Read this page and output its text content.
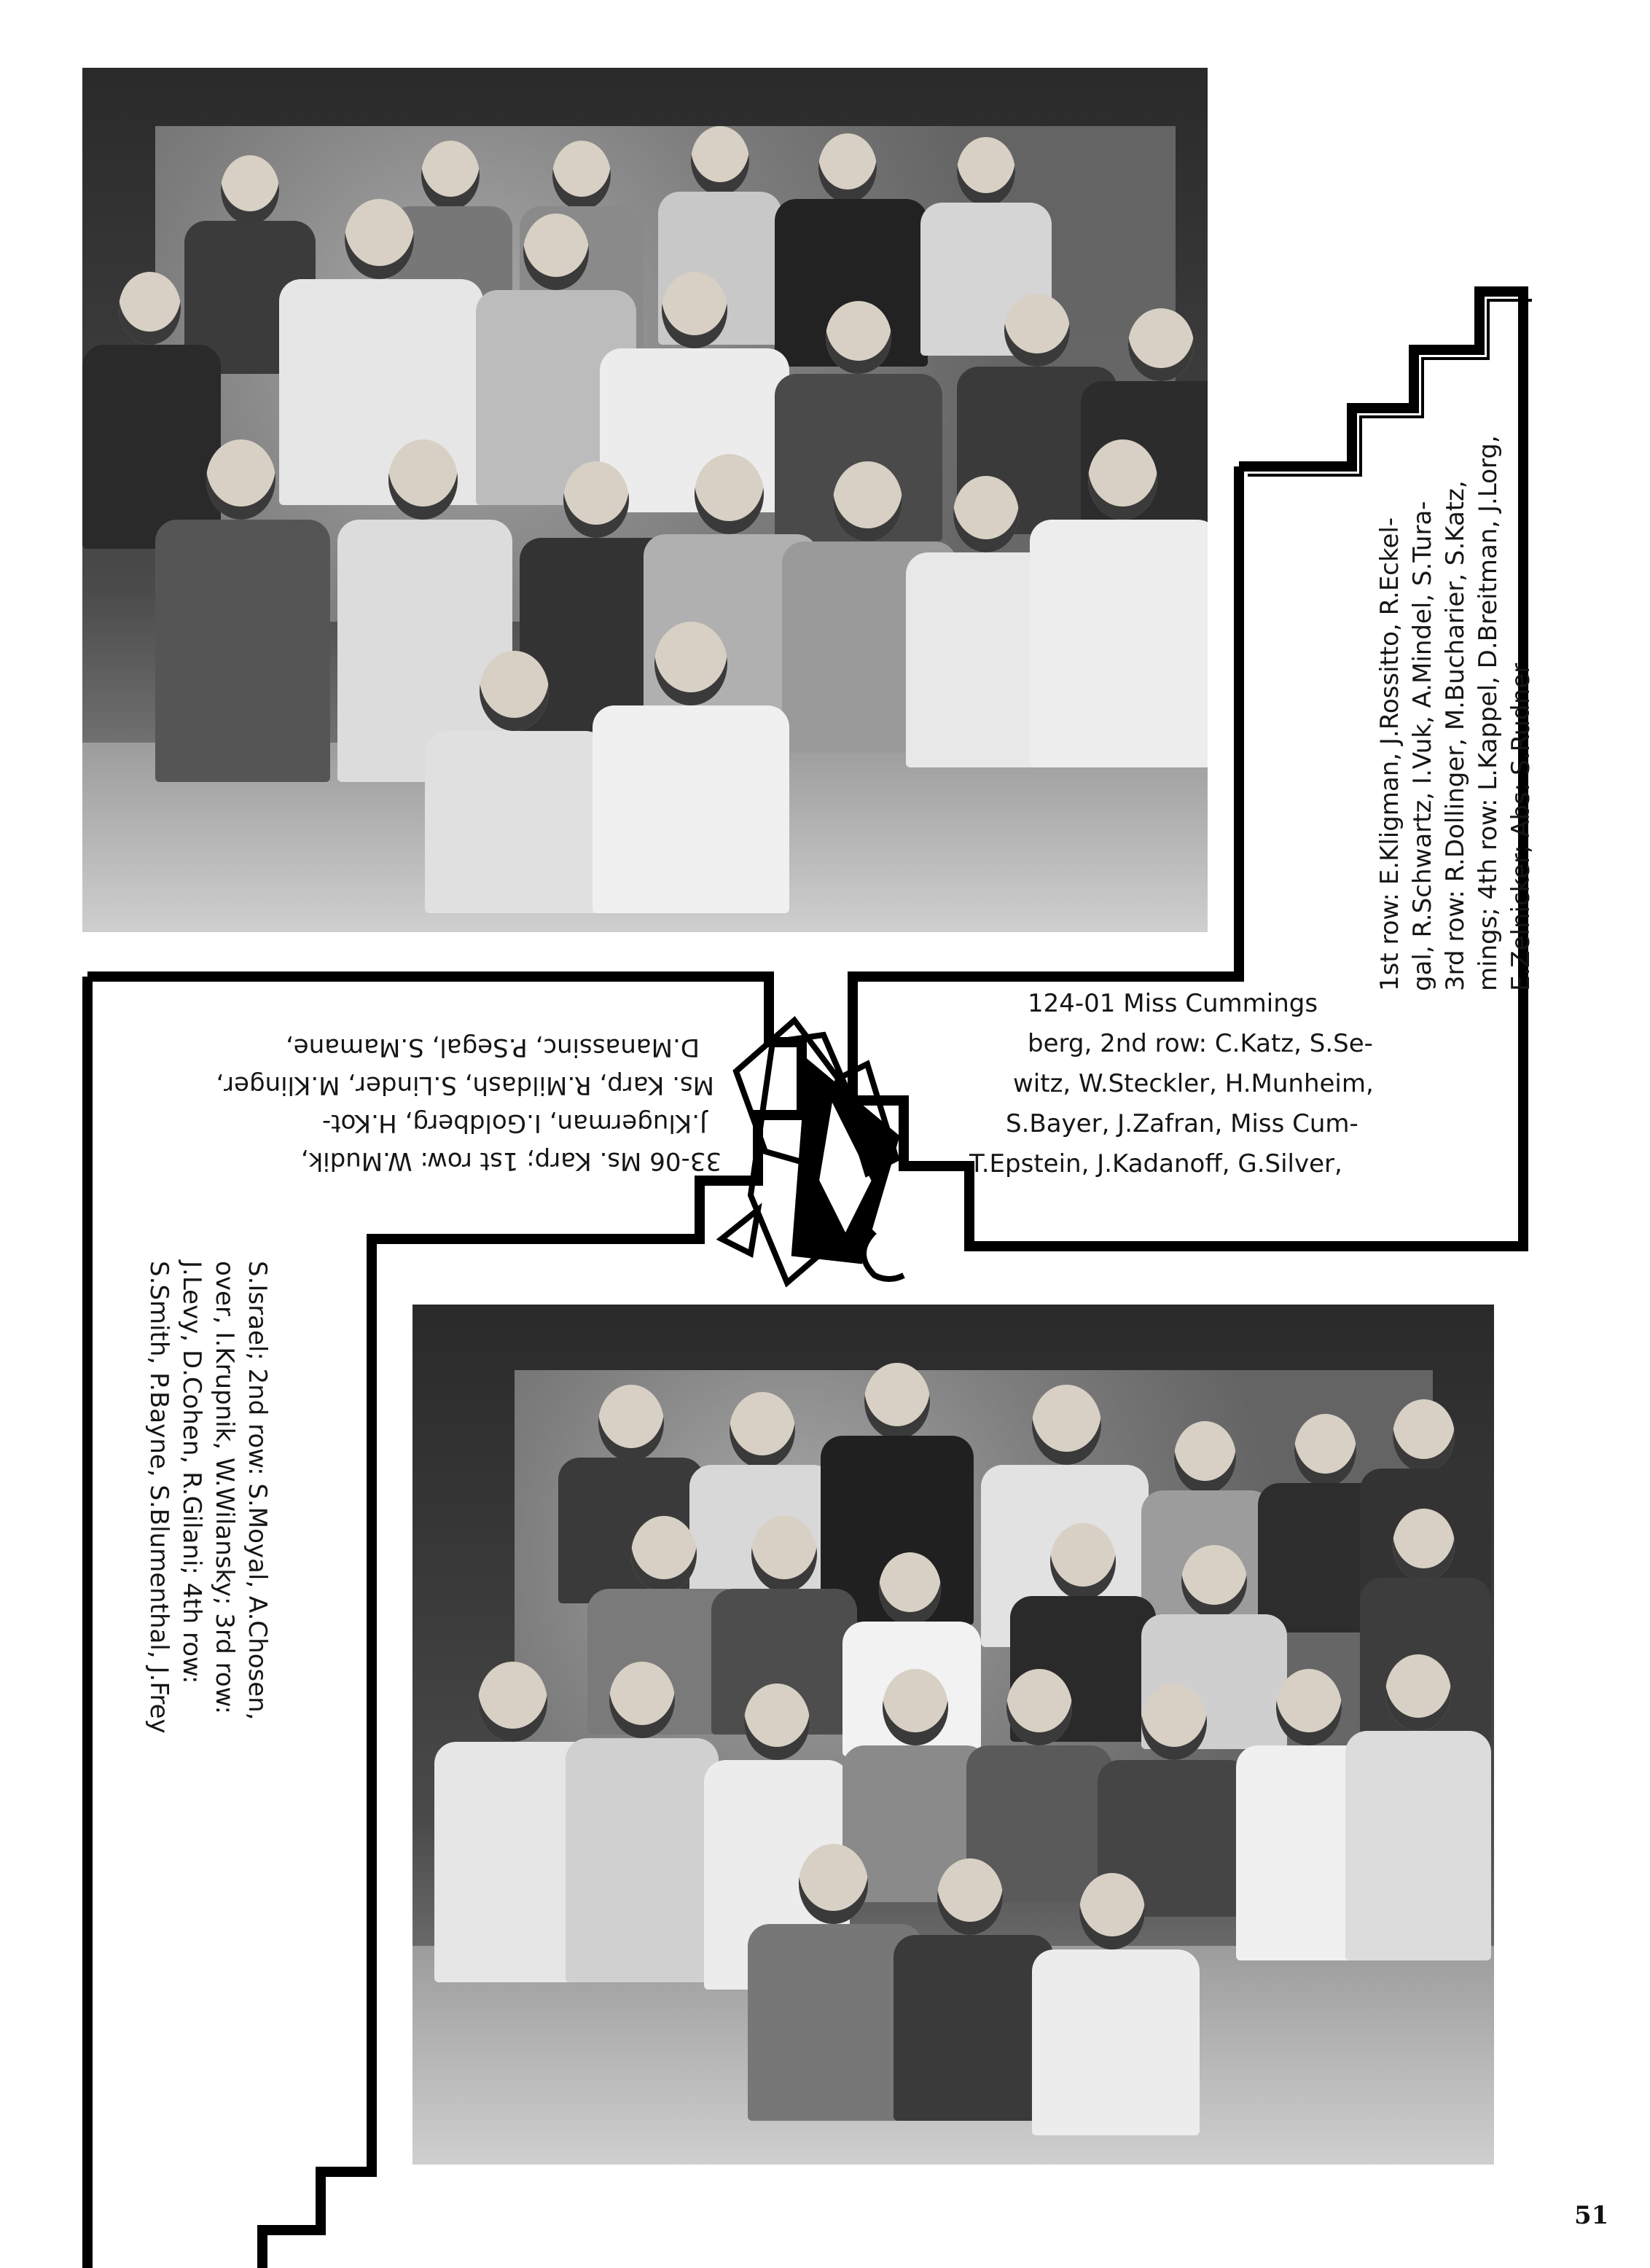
124-01 Miss Cummings
berg, 2nd row: C.Katz, S.Se-
witz, W.Steckler, H.Munheim,
S.Bayer, J.Zafran, Miss Cum-
T.Epstein, J.Kadanoff, G.Silver,
1st row: E.Kligman, J.Rossitto, R.Eckel- gal, R.Schwartz, I.Vuk, A.Mindel, S.Tura- 3rd row: R.Dollinger, M.Bucharier, S.Katz, mings; 4th row: L.Kappel, D.Breitman, J.Lorg, E.Zelnicker; Abs: S.Rudner
33-06 Ms. Karp; 1st row: W.Mudik,
J.Klugerman, I.Goldberg, H.Kot-
Ms. Karp, R.Mildash, S.Linder, M.Klinger,
D.Manassinc, P.Segal, S.Mamane,
S.Israel; 2nd row: S.Moyal, A.Chosen,
over, I.Krupnik, W.Wilansky; 3rd row:
J.Levy, D.Cohen, R.Gilani; 4th row:
S.Smith, P.Bayne, S.Blumenthal, J.Frey
51
